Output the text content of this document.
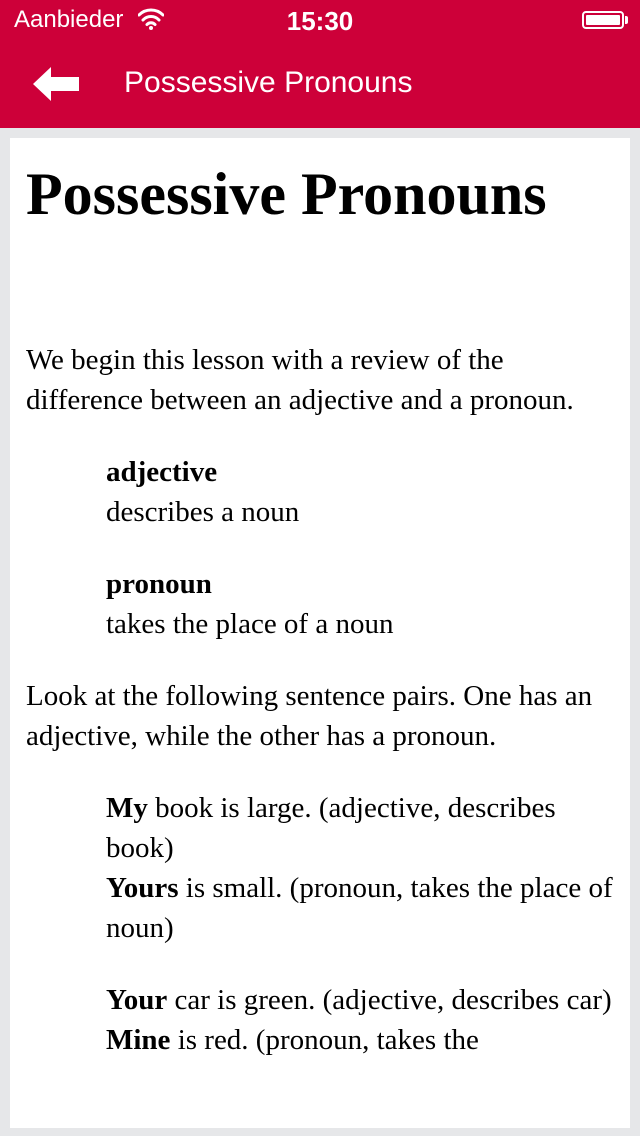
Aanbieder	15:30
Possessive Pronouns
Possessive Pronouns

We begin this lesson with a review of the difference between an adjective and a pronoun.

adjective
describes a noun

pronoun
takes the place of a noun

Look at the following sentence pairs. One has an adjective, while the other has a pronoun.

My book is large. (adjective, describes book)
Yours is small. (pronoun, takes the place of noun)
Your car is green. (adjective, describes car)
Mine is red. (pronoun, takes the
